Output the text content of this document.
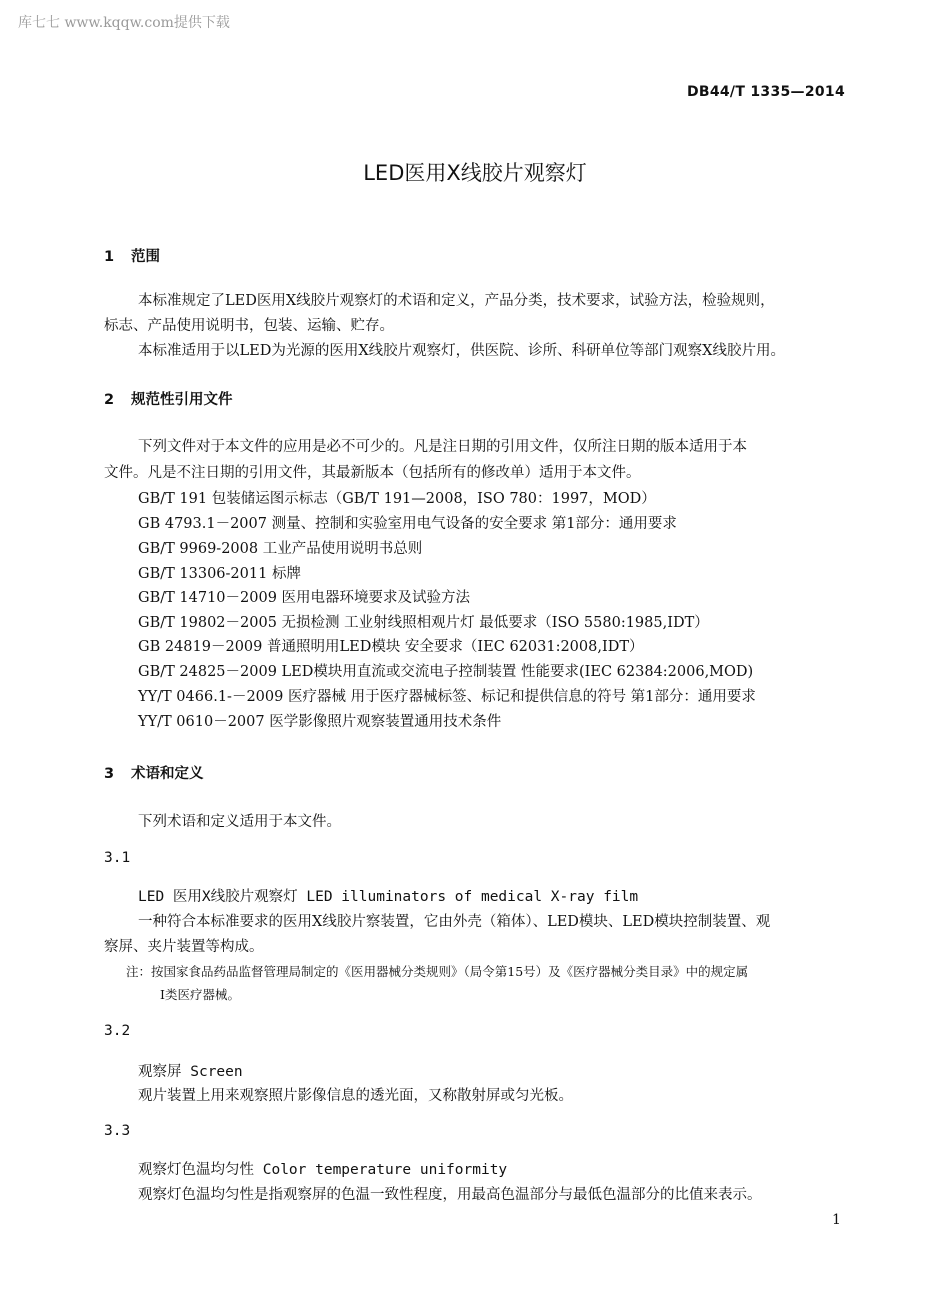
库七七 www.kqqw.com提供下载
DB44/T 1335—2014
LED医用X线胶片观察灯
1 范围
本标准规定了LED医用X线胶片观察灯的术语和定义，产品分类，技术要求，试验方法，检验规则，
标志、产品使用说明书，包装、运输、贮存。
本标准适用于以LED为光源的医用X线胶片观察灯，供医院、诊所、科研单位等部门观察X线胶片用。
2 规范性引用文件
下列文件对于本文件的应用是必不可少的。凡是注日期的引用文件，仅所注日期的版本适用于本
文件。凡是不注日期的引用文件，其最新版本（包括所有的修改单）适用于本文件。
GB/T 191 包装储运图示标志（GB/T 191—2008，ISO 780：1997，MOD）
GB 4793.1－2007 测量、控制和实验室用电气设备的安全要求 第1部分：通用要求
GB/T 9969-2008 工业产品使用说明书总则
GB/T 13306-2011 标牌
GB/T 14710－2009 医用电器环境要求及试验方法
GB/T 19802－2005 无损检测 工业射线照相观片灯 最低要求（ISO 5580:1985,IDT）
GB 24819－2009 普通照明用LED模块 安全要求（IEC 62031:2008,IDT）
GB/T 24825－2009 LED模块用直流或交流电子控制装置 性能要求(IEC 62384:2006,MOD)
YY/T 0466.1-－2009 医疗器械 用于医疗器械标签、标记和提供信息的符号 第1部分：通用要求
YY/T 0610－2007 医学影像照片观察装置通用技术条件
3 术语和定义
下列术语和定义适用于本文件。
3.1
LED 医用X线胶片观察灯 LED illuminators of medical X-ray film
一种符合本标准要求的医用X线胶片察装置，它由外壳（箱体）、LED模块、LED模块控制装置、观
察屏、夹片装置等构成。
注：按国家食品药品监督管理局制定的《医用器械分类规则》（局令第15号）及《医疗器械分类目录》中的规定属
Ⅰ类医疗器械。
3.2
观察屏 Screen
观片装置上用来观察照片影像信息的透光面，又称散射屏或匀光板。
3.3
观察灯色温均匀性 Color temperature uniformity
观察灯色温均匀性是指观察屏的色温一致性程度，用最高色温部分与最低色温部分的比值来表示。
1
